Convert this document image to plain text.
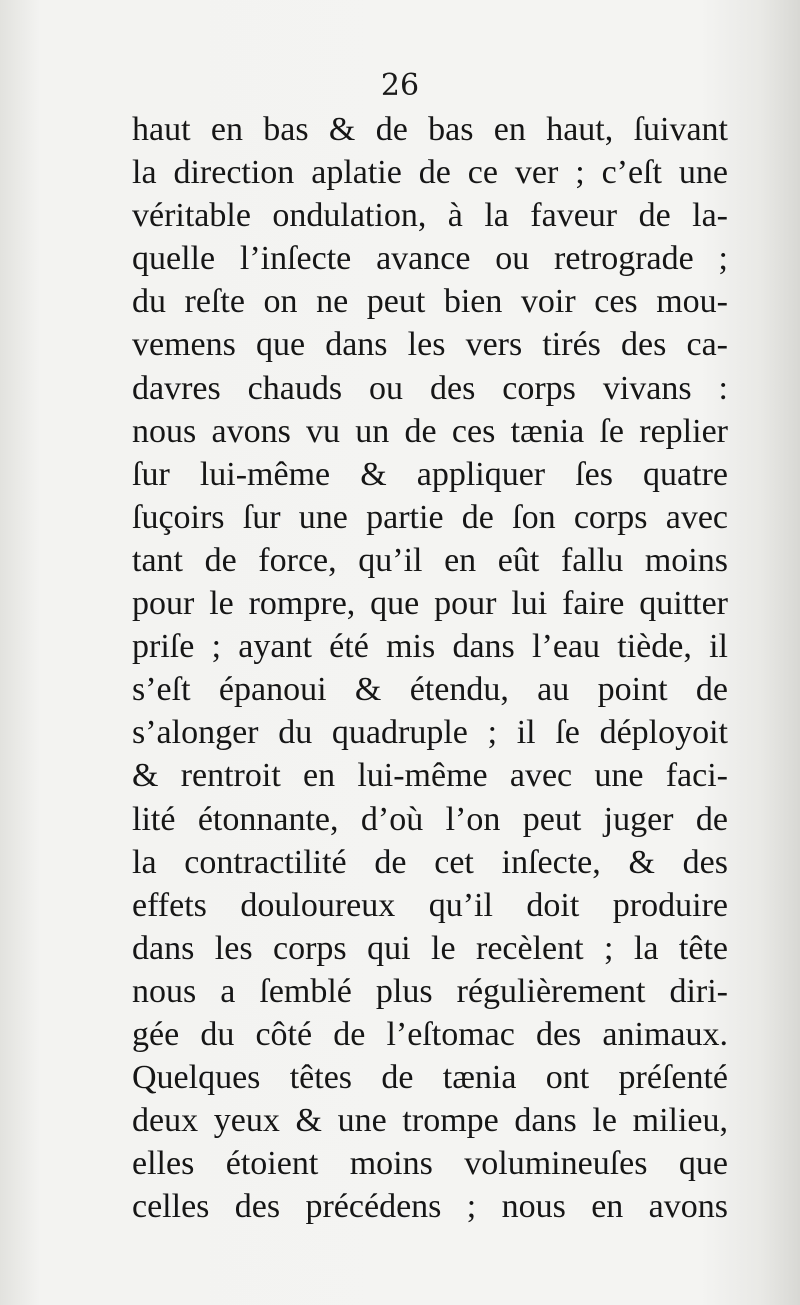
26

haut en bas & de bas en haut, ſuivant
la direction aplatie de ce ver ; c’eſt une
véritable ondulation, à la faveur de la-
quelle l’inſecte avance ou retrograde ;
du reſte on ne peut bien voir ces mou-
vemens que dans les vers tirés des ca-
davres chauds ou des corps vivans :
nous avons vu un de ces tænia ſe replier
ſur lui-même & appliquer ſes quatre
ſuçoirs ſur une partie de ſon corps avec
tant de force, qu’il en eût fallu moins
pour le rompre, que pour lui faire quitter
priſe ; ayant été mis dans l’eau tiède, il
s’eſt épanoui & étendu, au point de
s’alonger du quadruple ; il ſe déployoit
& rentroit en lui-même avec une faci-
lité étonnante, d’où l’on peut juger de
la contractilité de cet inſecte, & des
effets douloureux qu’il doit produire
dans les corps qui le recèlent ; la tête
nous a ſemblé plus régulièrement diri-
gée du côté de l’eſtomac des animaux.
Quelques têtes de tænia ont préſenté
deux yeux & une trompe dans le milieu,
elles étoient moins volumineuſes que
celles des précédens ; nous en avons
